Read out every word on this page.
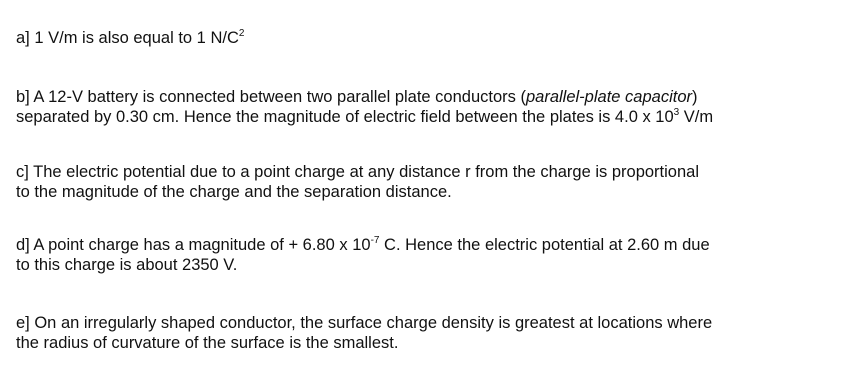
a] 1 V/m is also equal to 1 $N/C^2$
b] A 12-V battery is connected between two parallel plate conductors (parallel-plate capacitor)
separated by 0.30 cm. Hence the magnitude of electric field between the plates is 4.0 x $10^3$ V/m
c] The electric potential due to a point charge at any distance r from the charge is proportional
to the magnitude of the charge and the separation distance.
d] A point charge has a magnitude of + 6.80 x $10^{-7}$ C. Hence the electric potential at 2.60 m due
to this charge is about 2350 V.
e] On an irregularly shaped conductor, the surface charge density is greatest at locations where
the radius of curvature of the surface is the smallest.
